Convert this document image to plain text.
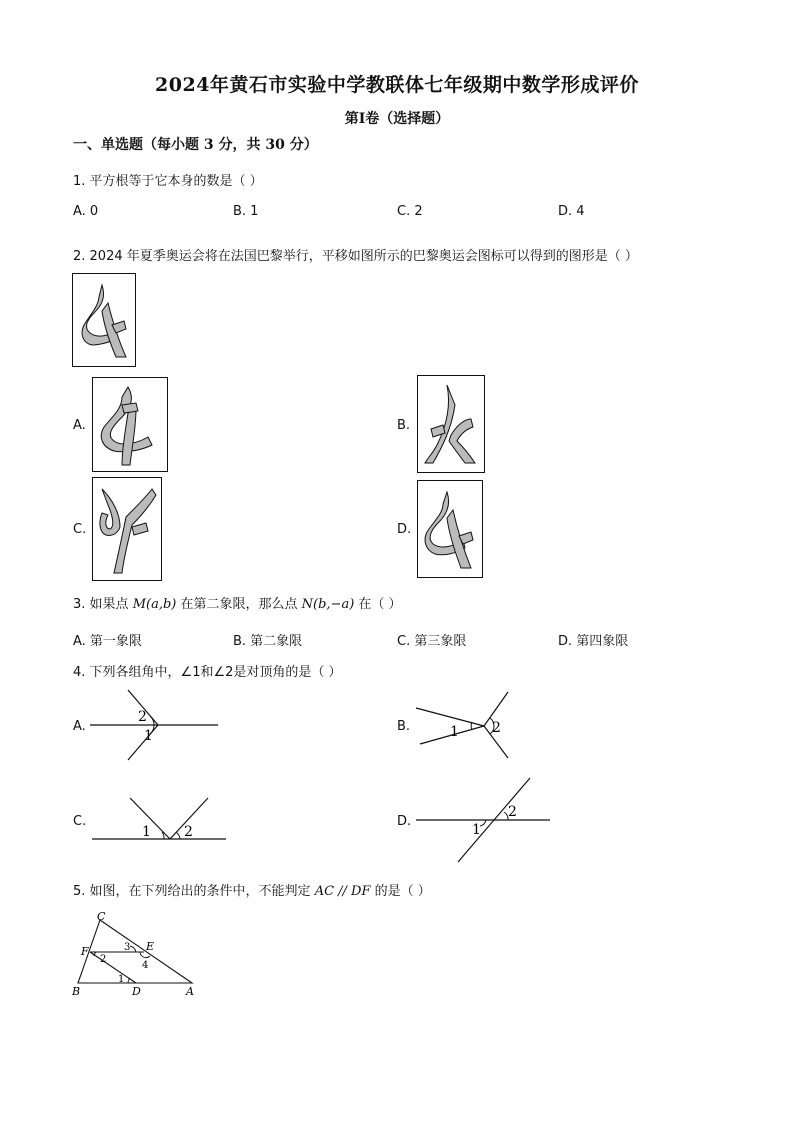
2024年黄石市实验中学教联体七年级期中数学形成评价
第Ⅰ卷（选择题）
一、单选题（每小题 3 分，共 30 分）
1. 平方根等于它本身的数是（ ）
A. 0	B. 1	C. 2	D. 4
2. 2024 年夏季奥运会将在法国巴黎举行，平移如图所示的巴黎奥运会图标可以得到的图形是（ ）
A.	B.
C.	D.
3. 如果点 M(a,b) 在第二象限，那么点 N(b,−a) 在（ ）
A. 第一象限	B. 第二象限	C. 第三象限	D. 第四象限
4. 下列各组角中，∠1和∠2是对顶角的是（ ）
A.
2
1
B.	1 2
C.
1 2
D.
1
2
5. 如图，在下列给出的条件中，不能判定 AC // DF 的是（ ）
C
F	E
B	D	A
1
2
3
4
